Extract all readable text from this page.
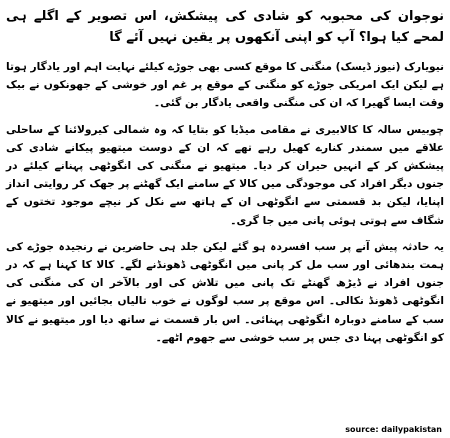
نوجوان کی محبوبہ کو شادی کی پیشکش، اس تصویر کے اگلے ہی لمحے کیا ہوا؟ آپ کو اپنی آنکھوں پر یقین نہیں آئے گا

نیویارک (نیوز ڈیسک) منگنی کا موقع کسی بھی جوڑے کیلئے نہایت اہم اور یادگار ہوتا ہے لیکن ایک امریکی جوڑے کو منگنی کے موقع پر غم اور خوشی کے جھونکوں نے بیک وقت ایسا گھیرا کہ ان کی منگنی واقعی یادگار بن گئی۔

چوبیس سالہ کا کالابیری نے مقامی میڈیا کو بتایا کہ وہ شمالی کیرولائنا کے ساحلی علاقے میں سمندر کنارے کھیل رہے تھے کہ ان کے دوست میتھیو پیکانے شادی کی پیشکش کر کے انہیں حیران کر دیا۔ میتھیو نے منگنی کی انگوٹھی پہنانے کیلئے در جنوں دیگر افراد کی موجودگی میں کالا کے سامنے ایک گھٹنے پر جھک کر روایتی انداز اپنایا، لیکن بد قسمتی سے انگوٹھی ان کے ہاتھ سے نکل کر نیچے موجود تختوں کے شگاف سے ہوتی ہوئی پانی میں جا گری۔

یہ حادثہ پیش آنے پر سب افسردہ ہو گئے لیکن جلد ہی حاضرین نے رنجیدہ جوڑے کی ہمت بندھائی اور سب مل کر پانی میں انگوٹھی ڈھونڈنے لگے۔ کالا کا کہنا ہے کہ در جنوں افراد نے ڈیڑھ گھنٹے تک پانی میں تلاش کی اور بالآخر ان کی منگنی کی انگوٹھی ڈھونڈ نکالی۔ اس موقع پر سب لوگوں نے خوب تالیاں بجائیں اور میتھیو نے سب کے سامنے دوبارہ انگوٹھی پہنائی۔ اس بار قسمت نے ساتھ دیا اور میتھیو نے کالا کو انگوٹھی پہنا دی جس پر سب خوشی سے جھوم اٹھے۔

source: dailypakistan
